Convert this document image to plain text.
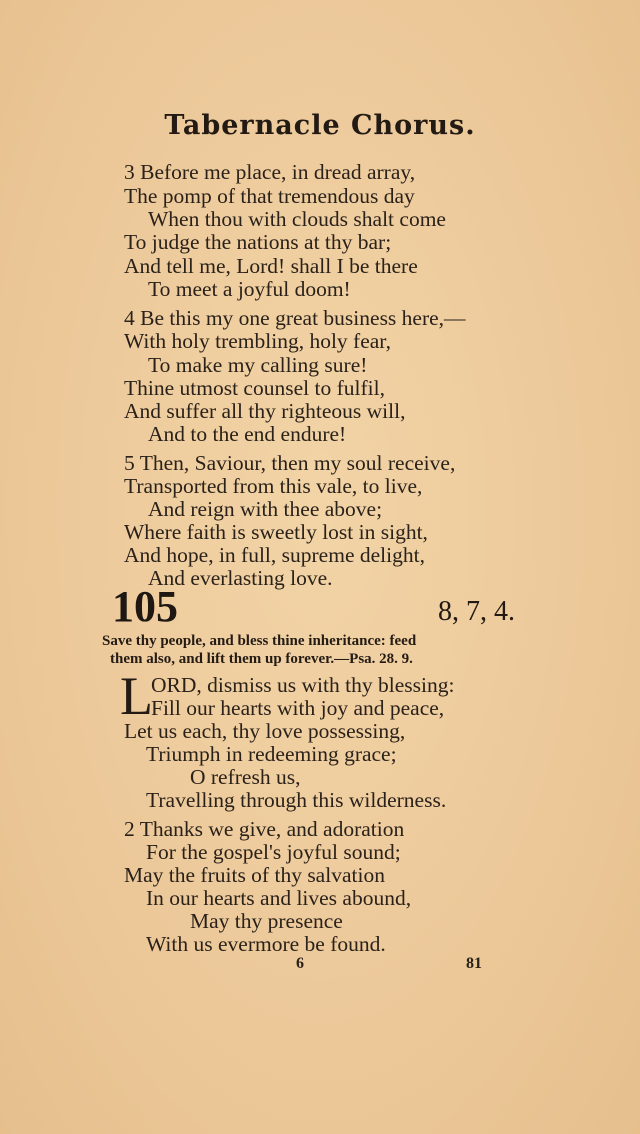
Tabernacle Chorus.
3 Before me place, in dread array,
The pomp of that tremendous day
When thou with clouds shalt come
To judge the nations at thy bar;
And tell me, Lord! shall I be there
To meet a joyful doom!
4 Be this my one great business here,—
With holy trembling, holy fear,
To make my calling sure!
Thine utmost counsel to fulfil,
And suffer all thy righteous will,
And to the end endure!
5 Then, Saviour, then my soul receive,
Transported from this vale, to live,
And reign with thee above;
Where faith is sweetly lost in sight,
And hope, in full, supreme delight,
And everlasting love.
105	8, 7, 4.
Save thy people, and bless thine inheritance: feed
them also, and lift them up forever.—Psa. 28. 9.
L
ORD, dismiss us with thy blessing:
Fill our hearts with joy and peace,
Let us each, thy love possessing,
Triumph in redeeming grace;
O refresh us,
Travelling through this wilderness.
2 Thanks we give, and adoration
For the gospel's joyful sound;
May the fruits of thy salvation
In our hearts and lives abound,
May thy presence
With us evermore be found.
6	81
